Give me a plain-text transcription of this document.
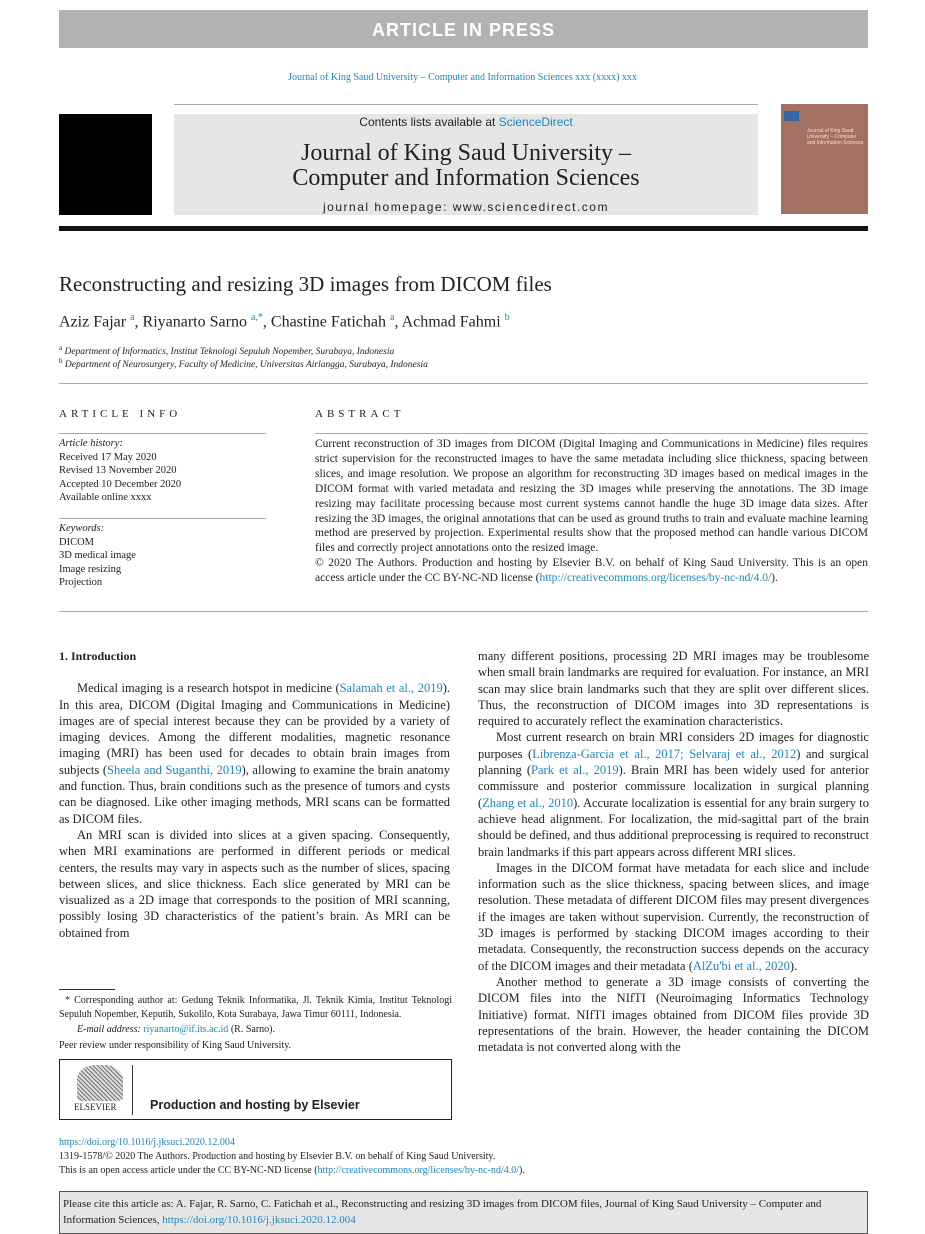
ARTICLE IN PRESS
Journal of King Saud University – Computer and Information Sciences xxx (xxxx) xxx
Contents lists available at ScienceDirect
Journal of King Saud University –
Computer and Information Sciences
journal homepage: www.sciencedirect.com
Journal of King Saud University – Computer and Information Sciences
Reconstructing and resizing 3D images from DICOM files
Aziz Fajar $^a$, Riyanarto Sarno $^{a,*}$, Chastine Fatichah $^a$, Achmad Fahmi $^b$
$^a$ Department of Informatics, Institut Teknologi Sepuluh Nopember, Surabaya, Indonesia
$^b$ Department of Neurosurgery, Faculty of Medicine, Universitas Airlangga, Surabaya, Indonesia
ARTICLE INFO
Article history:
Received 17 May 2020
Revised 13 November 2020
Accepted 10 December 2020
Available online xxxx
Keywords:
DICOM
3D medical image
Image resizing
Projection
ABSTRACT
Current reconstruction of 3D images from DICOM (Digital Imaging and Communications in Medicine) files requires strict supervision for the reconstructed images to have the same metadata including slice thickness, spacing between slices, and image resolution. We propose an algorithm for reconstructing 3D images based on medical images in the DICOM format with varied metadata and resizing the 3D images while preserving the annotations. The 3D image resizing may facilitate processing because most current systems cannot handle the huge 3D image data sizes. After resizing the 3D images, the original annotations that can be used as ground truths to train and evaluate machine learning method are preserved by projection. Experimental results show that the proposed method can handle various DICOM files and correctly project annotations onto the resized image.
© 2020 The Authors. Production and hosting by Elsevier B.V. on behalf of King Saud University. This is an open access article under the CC BY-NC-ND license (http://creativecommons.org/licenses/by-nc-nd/4.0/).
1. Introduction

Medical imaging is a research hotspot in medicine (Salamah et al., 2019). In this area, DICOM (Digital Imaging and Communications in Medicine) images are of special interest because they can be provided by a variety of imaging devices. Among the different modalities, magnetic resonance imaging (MRI) has been used for decades to obtain brain images from subjects (Sheela and Suganthi, 2019), allowing to examine the brain anatomy and function. Thus, brain conditions such as the presence of tumors and cysts can be diagnosed. Like other imaging methods, MRI scans can be formatted as DICOM files.

An MRI scan is divided into slices at a given spacing. Consequently, when MRI examinations are performed in different periods or medical centers, the results may vary in aspects such as the number of slices, spacing between slices, and slice thickness. Each slice generated by MRI can be visualized as a 2D image that corresponds to the position of MRI scanning, possibly losing 3D characteristics of the patient’s brain. As MRI can be obtained from

* Corresponding author at: Gedung Teknik Informatika, Jl. Teknik Kimia, Institut Teknologi Sepuluh Nopember, Keputih, Sukolilo, Kota Surabaya, Jawa Timur 60111, Indonesia.
E-mail address: riyanarto@if.its.ac.id (R. Sarno).
Peer review under responsibility of King Saud University.
ELSEVIER	Production and hosting by Elsevier
many different positions, processing 2D MRI images may be troublesome when small brain landmarks are required for evaluation. For instance, an MRI scan may slice brain landmarks such that they are split over different slices. Thus, the reconstruction of DICOM images into 3D representations is required to accurately reflect the examination characteristics.

Most current research on brain MRI considers 2D images for diagnostic purposes (Librenza-Garcia et al., 2017; Selvaraj et al., 2012) and surgical planning (Park et al., 2019). Brain MRI has been widely used for anterior commissure and posterior commissure localization in surgical planning (Zhang et al., 2010). Accurate localization is essential for any brain surgery to achieve head alignment. For localization, the mid-sagittal part of the brain should be defined, and thus additional preprocessing is required to reconstruct brain landmarks if this part appears across different MRI slices.

Images in the DICOM format have metadata for each slice and include information such as the slice thickness, spacing between slices, and image resolution. These metadata of different DICOM files may present divergences if the images are taken without supervision. Currently, the reconstruction of 3D images is performed by stacking DICOM images according to their metadata. Consequently, the reconstruction success depends on the accuracy of the DICOM images and their metadata (AlZu'bi et al., 2020).

Another method to generate a 3D image consists of converting the DICOM files into the NIfTI (Neuroimaging Informatics Technology Initiative) format. NIfTI images obtained from DICOM files provide 3D representations of the brain. However, the header containing the DICOM metadata is not converted along with the

https://doi.org/10.1016/j.jksuci.2020.12.004
1319-1578/© 2020 The Authors. Production and hosting by Elsevier B.V. on behalf of King Saud University.
This is an open access article under the CC BY-NC-ND license (http://creativecommons.org/licenses/by-nc-nd/4.0/).
Please cite this article as: A. Fajar, R. Sarno, C. Fatichah et al., Reconstructing and resizing 3D images from DICOM files, Journal of King Saud University – Computer and Information Sciences, https://doi.org/10.1016/j.jksuci.2020.12.004
